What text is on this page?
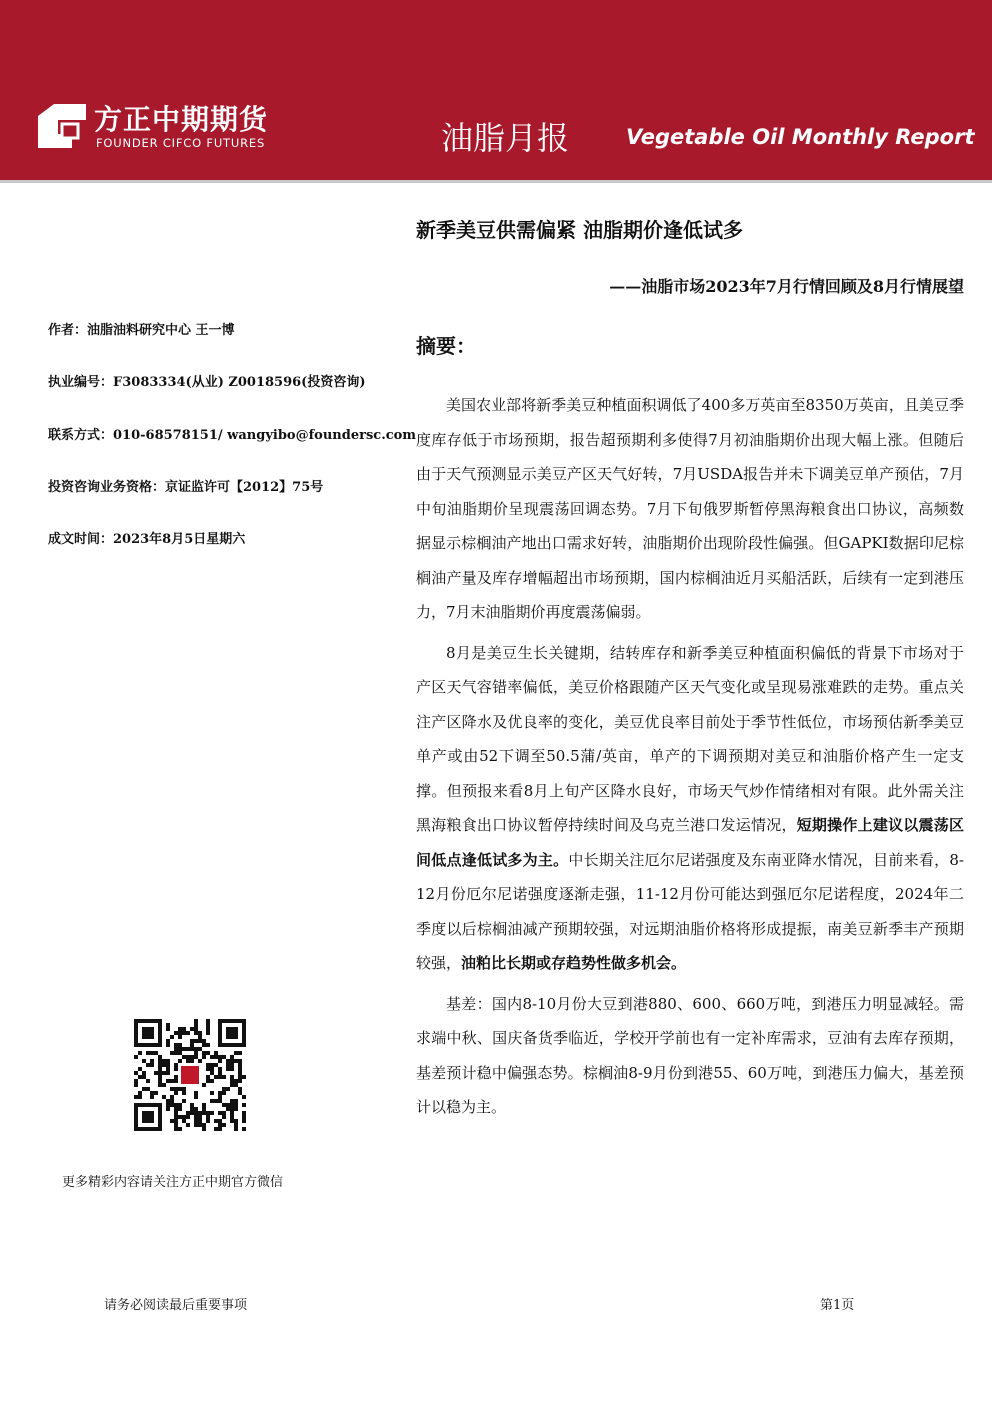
方正中期期货
FOUNDER CIFCO FUTURES	油脂月报	Vegetable Oil Monthly Report
新季美豆供需偏紧 油脂期价逢低试多
——油脂市场2023年7月行情回顾及8月行情展望
作者：油脂油料研究中心 王一博
执业编号：F3083334(从业) Z0018596(投资咨询)
联系方式：010-68578151/ wangyibo@foundersc.com
投资咨询业务资格：京证监许可【2012】75号
成文时间：2023年8月5日星期六
摘要：

美国农业部将新季美豆种植面积调低了400多万英亩至8350万英亩，且美豆季度库存低于市场预期，报告超预期利多使得7月初油脂期价出现大幅上涨。但随后由于天气预测显示美豆产区天气好转，7月USDA报告并未下调美豆单产预估，7月中旬油脂期价呈现震荡回调态势。7月下旬俄罗斯暂停黑海粮食出口协议，高频数据显示棕榈油产地出口需求好转，油脂期价出现阶段性偏强。但GAPKI数据印尼棕榈油产量及库存增幅超出市场预期，国内棕榈油近月买船活跃，后续有一定到港压力，7月末油脂期价再度震荡偏弱。

8月是美豆生长关键期，结转库存和新季美豆种植面积偏低的背景下市场对于产区天气容错率偏低，美豆价格跟随产区天气变化或呈现易涨难跌的走势。重点关注产区降水及优良率的变化，美豆优良率目前处于季节性低位，市场预估新季美豆单产或由52下调至50.5蒲/英亩，单产的下调预期对美豆和油脂价格产生一定支撑。但预报来看8月上旬产区降水良好，市场天气炒作情绪相对有限。此外需关注黑海粮食出口协议暂停持续时间及乌克兰港口发运情况，短期操作上建议以震荡区间低点逢低试多为主。中长期关注厄尔尼诺强度及东南亚降水情况，目前来看，8-12月份厄尔尼诺强度逐渐走强，11-12月份可能达到强厄尔尼诺程度，2024年二季度以后棕榈油减产预期较强，对远期油脂价格将形成提振，南美豆新季丰产预期较强，油粕比长期或存趋势性做多机会。

基差：国内8-10月份大豆到港880、600、660万吨，到港压力明显减轻。需求端中秋、国庆备货季临近，学校开学前也有一定补库需求，豆油有去库存预期，基差预计稳中偏强态势。棕榈油8-9月份到港55、60万吨，到港压力偏大，基差预计以稳为主。

更多精彩内容请关注方正中期官方微信
请务必阅读最后重要事项	第1页
